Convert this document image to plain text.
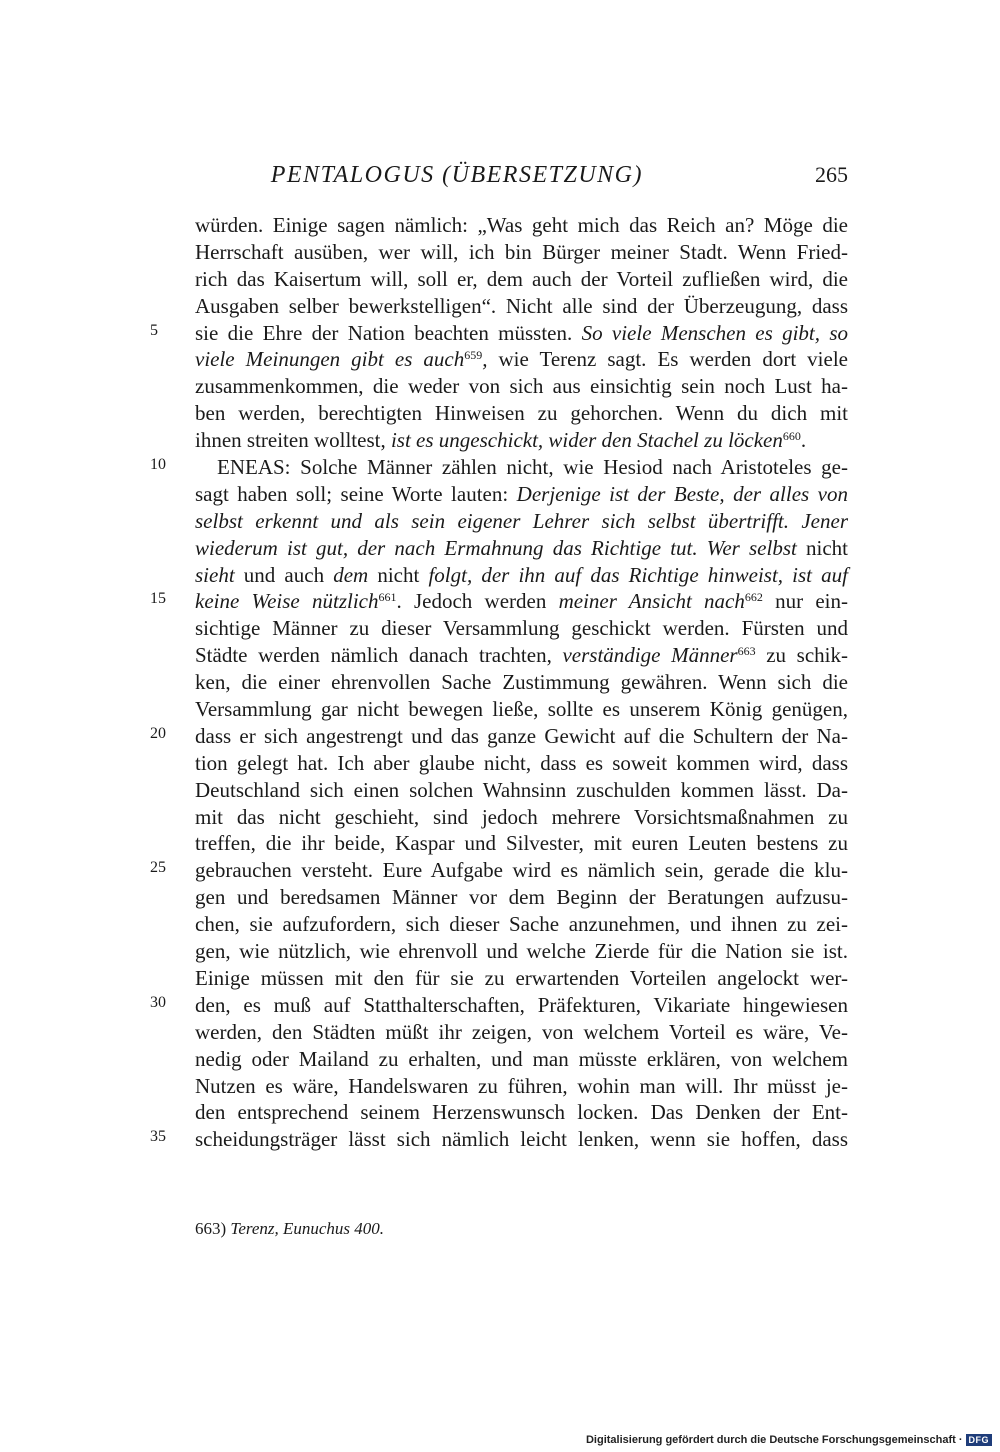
PENTALOGUS (ÜBERSETZUNG)	265
würden. Einige sagen nämlich: „Was geht mich das Reich an? Möge die
Herrschaft ausüben, wer will, ich bin Bürger meiner Stadt. Wenn Fried-
rich das Kaisertum will, soll er, dem auch der Vorteil zufließen wird, die
Ausgaben selber bewerkstelligen“. Nicht alle sind der Überzeugung, dass
5	sie die Ehre der Nation beachten müssten. So viele Menschen es gibt, so
viele Meinungen gibt es auch$^{659}$, wie Terenz sagt. Es werden dort viele
zusammenkommen, die weder von sich aus einsichtig sein noch Lust ha-
ben werden, berechtigten Hinweisen zu gehorchen. Wenn du dich mit
ihnen streiten wolltest, ist es ungeschickt, wider den Stachel zu löcken$^{660}$.
10	ENEAS: Solche Männer zählen nicht, wie Hesiod nach Aristoteles ge-
sagt haben soll; seine Worte lauten: Derjenige ist der Beste, der alles von
selbst erkennt und als sein eigener Lehrer sich selbst übertrifft. Jener
wiederum ist gut, der nach Ermahnung das Richtige tut. Wer selbst nicht
sieht und auch dem nicht folgt, der ihn auf das Richtige hinweist, ist auf
15	keine Weise nützlich$^{661}$. Jedoch werden meiner Ansicht nach$^{662}$ nur ein-
sichtige Männer zu dieser Versammlung geschickt werden. Fürsten und
Städte werden nämlich danach trachten, verständige Männer$^{663}$ zu schik-
ken, die einer ehrenvollen Sache Zustimmung gewähren. Wenn sich die
Versammlung gar nicht bewegen ließe, sollte es unserem König genügen,
20	dass er sich angestrengt und das ganze Gewicht auf die Schultern der Na-
tion gelegt hat. Ich aber glaube nicht, dass es soweit kommen wird, dass
Deutschland sich einen solchen Wahnsinn zuschulden kommen lässt. Da-
mit das nicht geschieht, sind jedoch mehrere Vorsichtsmaßnahmen zu
treffen, die ihr beide, Kaspar und Silvester, mit euren Leuten bestens zu
25	gebrauchen versteht. Eure Aufgabe wird es nämlich sein, gerade die klu-
gen und beredsamen Männer vor dem Beginn der Beratungen aufzusu-
chen, sie aufzufordern, sich dieser Sache anzunehmen, und ihnen zu zei-
gen, wie nützlich, wie ehrenvoll und welche Zierde für die Nation sie ist.
Einige müssen mit den für sie zu erwartenden Vorteilen angelockt wer-
30	den, es muß auf Statthalterschaften, Präfekturen, Vikariate hingewiesen
werden, den Städten müßt ihr zeigen, von welchem Vorteil es wäre, Ve-
nedig oder Mailand zu erhalten, und man müsste erklären, von welchem
Nutzen es wäre, Handelswaren zu führen, wohin man will. Ihr müsst je-
den entsprechend seinem Herzenswunsch locken. Das Denken der Ent-
35	scheidungsträger lässt sich nämlich leicht lenken, wenn sie hoffen, dass
663) Terenz, Eunuchus 400.
Digitalisierung gefördert durch die Deutsche Forschungsgemeinschaft · DFG
